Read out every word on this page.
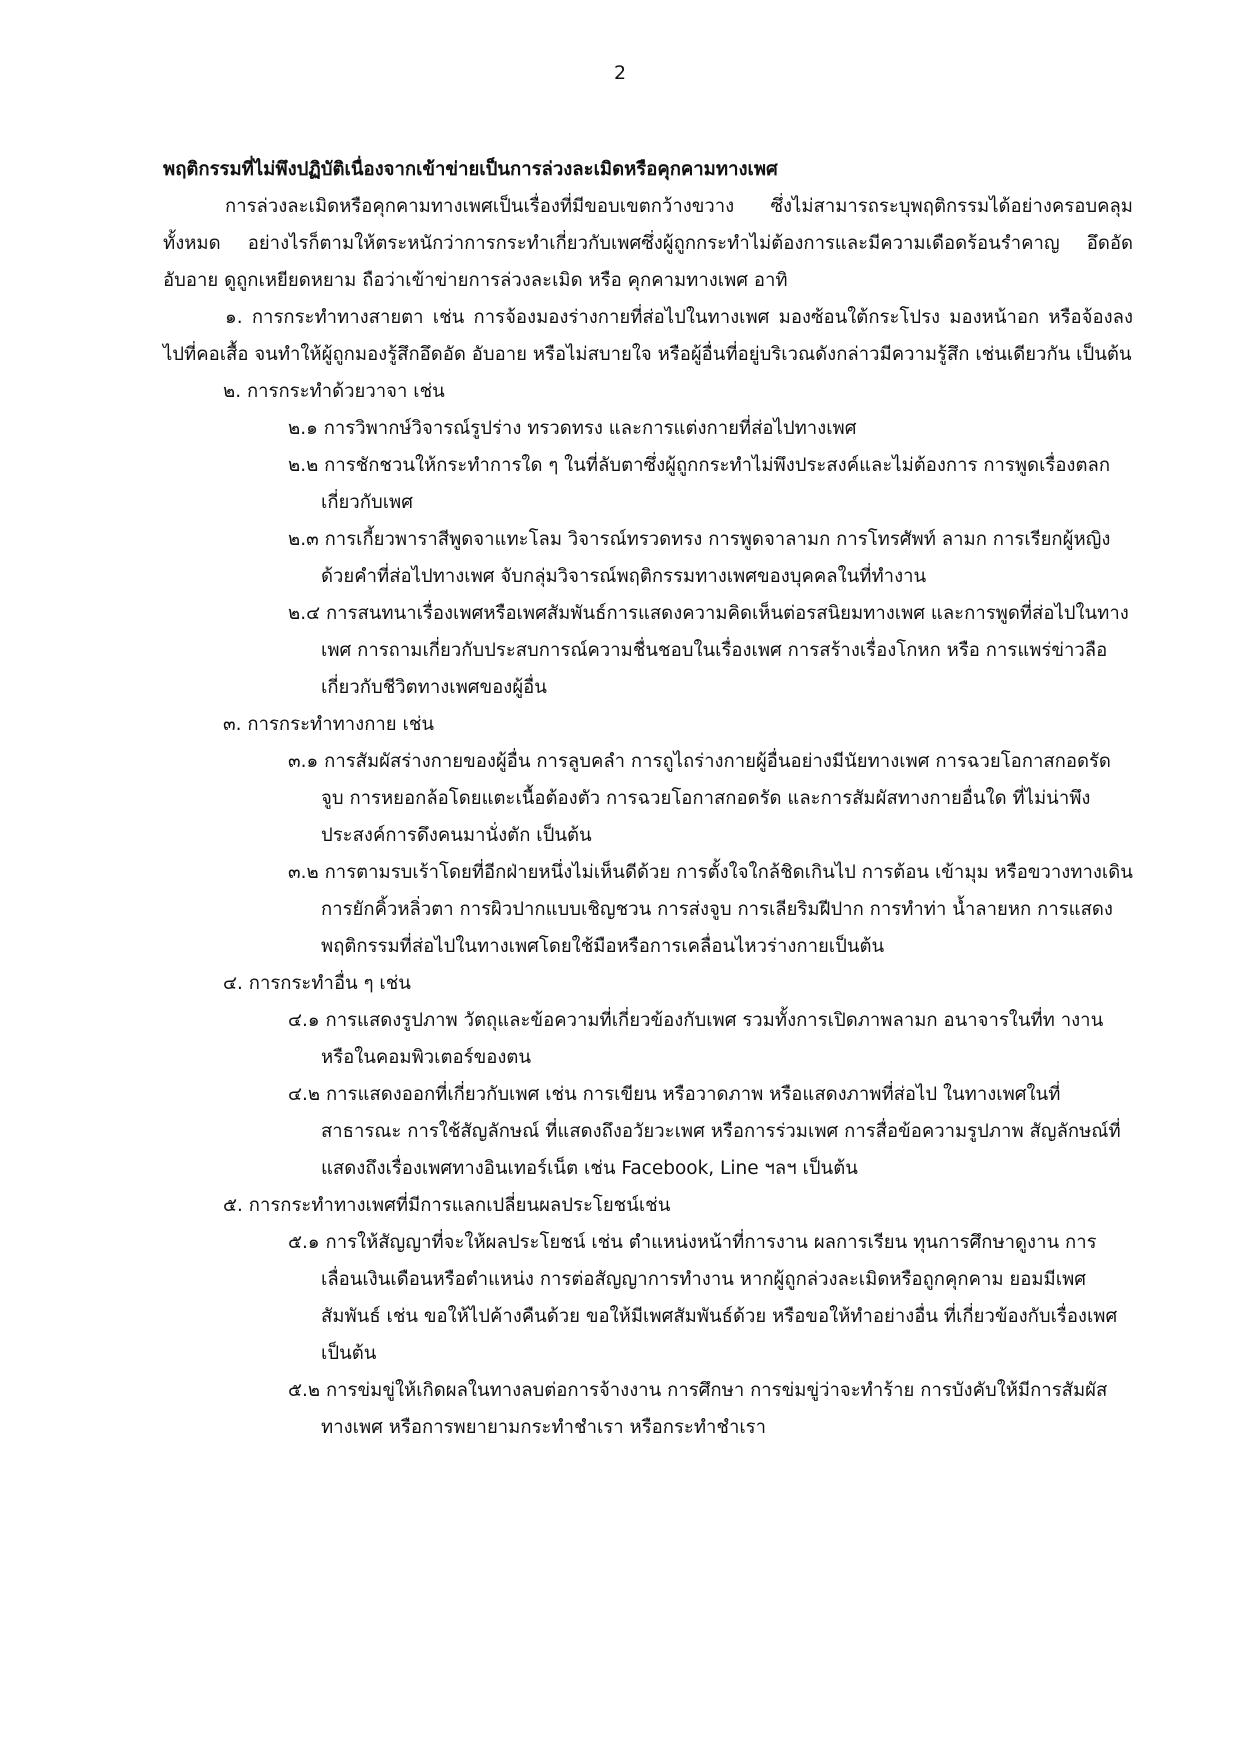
2

พฤติกรรมที่ไม่พึงปฏิบัติเนื่องจากเข้าข่ายเป็นการล่วงละเมิดหรือคุกคามทางเพศ

การล่วงละเมิดหรือคุกคามทางเพศเป็นเรื่องที่มีขอบเขตกว้างขวาง ซึ่งไม่สามารถระบุพฤติกรรมได้อย่างครอบคลุมทั้งหมด อย่างไรก็ตามให้ตระหนักว่าการกระทำเกี่ยวกับเพศซึ่งผู้ถูกกระทำไม่ต้องการและมีความเดือดร้อนรำคาญ อึดอัด อับอาย ดูถูกเหยียดหยาม ถือว่าเข้าข่ายการล่วงละเมิด หรือ คุกคามทางเพศ อาทิ

๑. การกระทำทางสายตา เช่น การจ้องมองร่างกายที่ส่อไปในทางเพศ มองซ้อนใต้กระโปรง มองหน้าอก หรือจ้องลงไปที่คอเสื้อ จนทำให้ผู้ถูกมองรู้สึกอึดอัด อับอาย หรือไม่สบายใจ หรือผู้อื่นที่อยู่บริเวณดังกล่าวมีความรู้สึก เช่นเดียวกัน เป็นต้น

๒. การกระทำด้วยวาจา เช่น

๒.๑ การวิพากษ์วิจารณ์รูปร่าง ทรวดทรง และการแต่งกายที่ส่อไปทางเพศ

๒.๒ การชักชวนให้กระทำการใด ๆ ในที่ลับตาซึ่งผู้ถูกกระทำไม่พึงประสงค์และไม่ต้องการ การพูดเรื่องตลกเกี่ยวกับเพศ

๒.๓ การเกี้ยวพาราสีพูดจาแทะโลม วิจารณ์ทรวดทรง การพูดจาลามก การโทรศัพท์ ลามก การเรียกผู้หญิงด้วยคำที่ส่อไปทางเพศ จับกลุ่มวิจารณ์พฤติกรรมทางเพศของบุคคลในที่ทำงาน

๒.๔ การสนทนาเรื่องเพศหรือเพศสัมพันธ์การแสดงความคิดเห็นต่อรสนิยมทางเพศ และการพูดที่ส่อไปในทางเพศ การถามเกี่ยวกับประสบการณ์ความชื่นชอบในเรื่องเพศ การสร้างเรื่องโกหก หรือ การแพร่ข่าวลือเกี่ยวกับชีวิตทางเพศของผู้อื่น

๓. การกระทำทางกาย เช่น

๓.๑ การสัมผัสร่างกายของผู้อื่น การลูบคลำ การถูไถร่างกายผู้อื่นอย่างมีนัยทางเพศ การฉวยโอกาสกอดรัด จูบ การหยอกล้อโดยแตะเนื้อต้องตัว การฉวยโอกาสกอดรัด และการสัมผัสทางกายอื่นใด ที่ไม่น่าพึงประสงค์การดึงคนมานั่งตัก เป็นต้น

๓.๒ การตามรบเร้าโดยที่อีกฝ่ายหนึ่งไม่เห็นดีด้วย การตั้งใจใกล้ชิดเกินไป การต้อน เข้ามุม หรือขวางทางเดิน การยักคิ้วหลิ่วตา การผิวปากแบบเชิญชวน การส่งจูบ การเลียริมฝีปาก การทำท่า น้ำลายหก การแสดงพฤติกรรมที่ส่อไปในทางเพศโดยใช้มือหรือการเคลื่อนไหวร่างกายเป็นต้น

๔. การกระทำอื่น ๆ เช่น

๔.๑ การแสดงรูปภาพ วัตถุและข้อความที่เกี่ยวข้องกับเพศ รวมทั้งการเปิดภาพลามก อนาจารในที่ท างานหรือในคอมพิวเตอร์ของตน

๔.๒ การแสดงออกที่เกี่ยวกับเพศ เช่น การเขียน หรือวาดภาพ หรือแสดงภาพที่ส่อไป ในทางเพศในที่สาธารณะ การใช้สัญลักษณ์ ที่แสดงถึงอวัยวะเพศ หรือการร่วมเพศ การสื่อข้อความรูปภาพ สัญลักษณ์ที่แสดงถึงเรื่องเพศทางอินเทอร์เน็ต เช่น Facebook, Line ฯลฯ เป็นต้น

๕. การกระทำทางเพศที่มีการแลกเปลี่ยนผลประโยชน์เช่น

๕.๑ การให้สัญญาที่จะให้ผลประโยชน์ เช่น ตำแหน่งหน้าที่การงาน ผลการเรียน ทุนการศึกษาดูงาน การเลื่อนเงินเดือนหรือตำแหน่ง การต่อสัญญาการทำงาน หากผู้ถูกล่วงละเมิดหรือถูกคุกคาม ยอมมีเพศสัมพันธ์ เช่น ขอให้ไปค้างคืนด้วย ขอให้มีเพศสัมพันธ์ด้วย หรือขอให้ทำอย่างอื่น ที่เกี่ยวข้องกับเรื่องเพศ เป็นต้น

๕.๒ การข่มขู่ให้เกิดผลในทางลบต่อการจ้างงาน การศึกษา การข่มขู่ว่าจะทำร้าย การบังคับให้มีการสัมผัสทางเพศ หรือการพยายามกระทำชำเรา หรือกระทำชำเรา
